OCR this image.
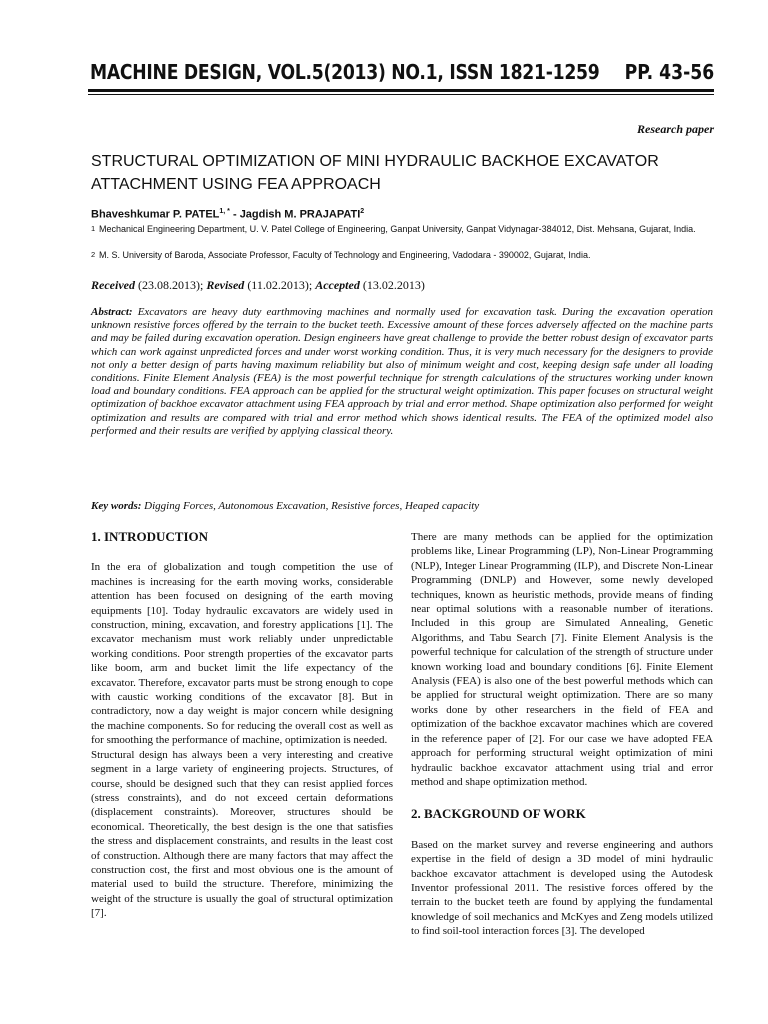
MACHINE DESIGN, VOL.5(2013) NO.1, ISSN 1821-1259	PP. 43-56
Research paper
STRUCTURAL OPTIMIZATION OF MINI HYDRAULIC BACKHOE EXCAVATOR ATTACHMENT USING FEA APPROACH
Bhaveshkumar P. $PATEL^{1, *}$ - Jagdish M. PRAJAPATI$^2$
1 Mechanical Engineering Department, U. V. Patel College of Engineering, Ganpat University, Ganpat Vidynagar-384012, Dist. Mehsana, Gujarat, India.
2 M. S. University of Baroda, Associate Professor, Faculty of Technology and Engineering, Vadodara - 390002, Gujarat, India.
Received (23.08.2013); Revised (11.02.2013); Accepted (13.02.2013)
Abstract: Excavators are heavy duty earthmoving machines and normally used for excavation task. During the excavation operation unknown resistive forces offered by the terrain to the bucket teeth. Excessive amount of these forces adversely affected on the machine parts and may be failed during excavation operation. Design engineers have great challenge to provide the better robust design of excavator parts which can work against unpredicted forces and under worst working condition. Thus, it is very much necessary for the designers to provide not only a better design of parts having maximum reliability but also of minimum weight and cost, keeping design safe under all loading conditions. Finite Element Analysis (FEA) is the most powerful technique for strength calculations of the structures working under known load and boundary conditions. FEA approach can be applied for the structural weight optimization. This paper focuses on structural weight optimization of backhoe excavator attachment using FEA approach by trial and error method. Shape optimization also performed for weight optimization and results are compared with trial and error method which shows identical results. The FEA of the optimized model also performed and their results are verified by applying classical theory.
Key words: Digging Forces, Autonomous Excavation, Resistive forces, Heaped capacity
1. INTRODUCTION

In the era of globalization and tough competition the use of machines is increasing for the earth moving works, considerable attention has been focused on designing of the earth moving equipments [10]. Today hydraulic excavators are widely used in construction, mining, excavation, and forestry applications [1]. The excavator mechanism must work reliably under unpredictable working conditions. Poor strength properties of the excavator parts like boom, arm and bucket limit the life expectancy of the excavator. Therefore, excavator parts must be strong enough to cope with caustic working conditions of the excavator [8]. But in contradictory, now a day weight is major concern while designing the machine components. So for reducing the overall cost as well as for smoothing the performance of machine, optimization is needed.

Structural design has always been a very interesting and creative segment in a large variety of engineering projects. Structures, of course, should be designed such that they can resist applied forces (stress constraints), and do not exceed certain deformations (displacement constraints). Moreover, structures should be economical. Theoretically, the best design is the one that satisfies the stress and displacement constraints, and results in the least cost of construction. Although there are many factors that may affect the construction cost, the first and most obvious one is the amount of material used to build the structure. Therefore, minimizing the weight of the structure is usually the goal of structural optimization [7].

There are many methods can be applied for the optimization problems like, Linear Programming (LP), Non-Linear Programming (NLP), Integer Linear Programming (ILP), and Discrete Non-Linear Programming (DNLP) and However, some newly developed techniques, known as heuristic methods, provide means of finding near optimal solutions with a reasonable number of iterations. Included in this group are Simulated Annealing, Genetic Algorithms, and Tabu Search [7]. Finite Element Analysis is the powerful technique for calculation of the strength of structure under known working load and boundary conditions [6]. Finite Element Analysis (FEA) is also one of the best powerful methods which can be applied for structural weight optimization. There are so many works done by other researchers in the field of FEA and optimization of the backhoe excavator machines which are covered in the reference paper of [2]. For our case we have adopted FEA approach for performing structural weight optimization of mini hydraulic backhoe excavator attachment using trial and error method and shape optimization method.

2. BACKGROUND OF WORK

Based on the market survey and reverse engineering and authors expertise in the field of design a 3D model of mini hydraulic backhoe excavator attachment is developed using the Autodesk Inventor professional 2011. The resistive forces offered by the terrain to the bucket teeth are found by applying the fundamental knowledge of soil mechanics and McKyes and Zeng models utilized to find soil-tool interaction forces [3]. The developed
